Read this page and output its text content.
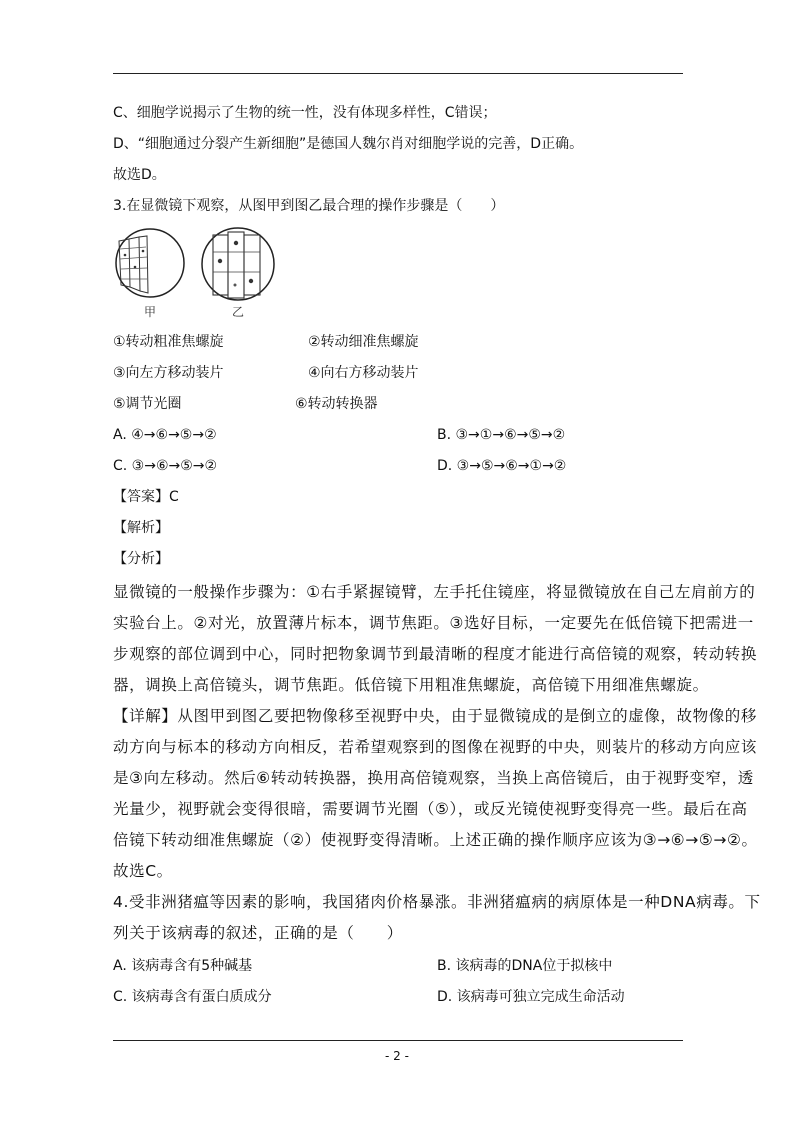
C、细胞学说揭示了生物的统一性，没有体现多样性，C错误；
D、“细胞通过分裂产生新细胞”是德国人魏尔肖对细胞学说的完善，D正确。
故选D。
3.在显微镜下观察，从图甲到图乙最合理的操作步骤是（　　）
甲	乙
①转动粗准焦螺旋	②转动细准焦螺旋
③向左方移动装片	④向右方移动装片
⑤调节光圈	⑥转动转换器
A. ④→⑥→⑤→②	B. ③→①→⑥→⑤→②
C. ③→⑥→⑤→②	D. ③→⑤→⑥→①→②
【答案】C
【解析】
【分析】
显微镜的一般操作步骤为：①右手紧握镜臂，左手托住镜座，将显微镜放在自己左肩前方的
实验台上。②对光，放置薄片标本，调节焦距。③选好目标，一定要先在低倍镜下把需进一
步观察的部位调到中心，同时把物象调节到最清晰的程度才能进行高倍镜的观察，转动转换
器，调换上高倍镜头，调节焦距。低倍镜下用粗准焦螺旋，高倍镜下用细准焦螺旋。
【详解】从图甲到图乙要把物像移至视野中央，由于显微镜成的是倒立的虚像，故物像的移
动方向与标本的移动方向相反，若希望观察到的图像在视野的中央，则装片的移动方向应该
是③向左移动。然后⑥转动转换器，换用高倍镜观察，当换上高倍镜后，由于视野变窄，透
光量少，视野就会变得很暗，需要调节光圈（⑤），或反光镜使视野变得亮一些。最后在高
倍镜下转动细准焦螺旋（②）使视野变得清晰。上述正确的操作顺序应该为③→⑥→⑤→②。
故选C。
4.受非洲猪瘟等因素的影响，我国猪肉价格暴涨。非洲猪瘟病的病原体是一种DNA病毒。下
列关于该病毒的叙述，正确的是（　　）
A. 该病毒含有5种碱基	B. 该病毒的DNA位于拟核中
C. 该病毒含有蛋白质成分	D. 该病毒可独立完成生命活动
- 2 -
